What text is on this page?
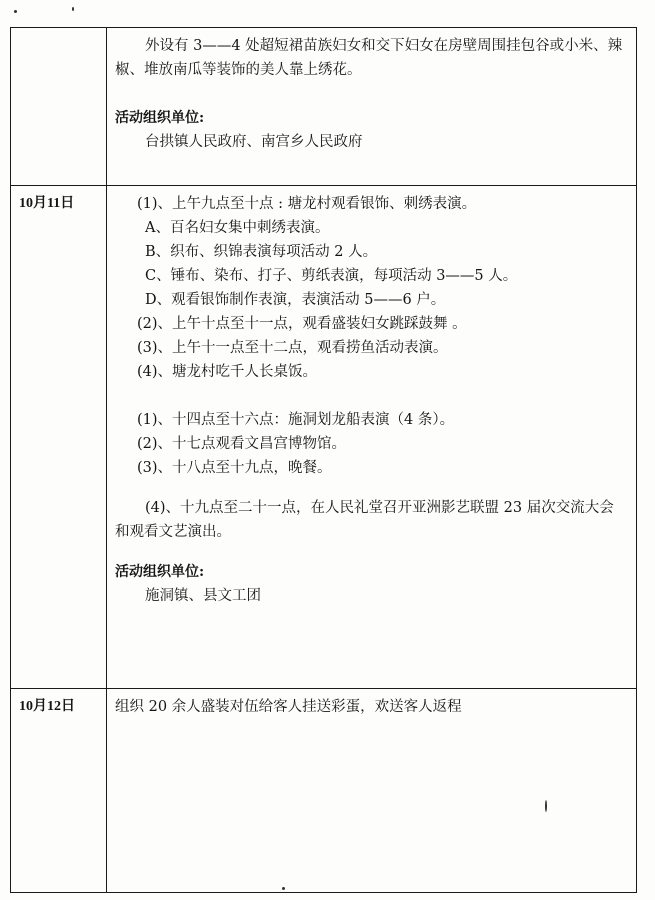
外设有 3——4 处超短裙苗族妇女和交下妇女在房壁周围挂包谷或小米、辣椒、堆放南瓜等装饰的美人靠上绣花。

活动组织单位:

台拱镇人民政府、南宫乡人民政府

10月11日	(1)、上午九点至十点 : 塘龙村观看银饰、刺绣表演。

A、百名妇女集中刺绣表演。

B、织布、织锦表演每项活动 2 人。

C、锤布、染布、打子、剪纸表演，每项活动 3——5 人。

D、观看银饰制作表演，表演活动 5——6 户。

(2)、上午十点至十一点，观看盛装妇女跳踩鼓舞 。

(3)、上午十一点至十二点，观看捞鱼活动表演。

(4)、塘龙村吃千人长桌饭。

(1)、十四点至十六点：施洞划龙船表演（4 条）。

(2)、十七点观看文昌宫博物馆。

(3)、十八点至十九点，晚餐。

(4)、十九点至二十一点，在人民礼堂召开亚洲影艺联盟 23 届次交流大会和观看文艺演出。

活动组织单位:

施洞镇、县文工团

10月12日	组织 20 余人盛装对伍给客人挂送彩蛋，欢送客人返程
